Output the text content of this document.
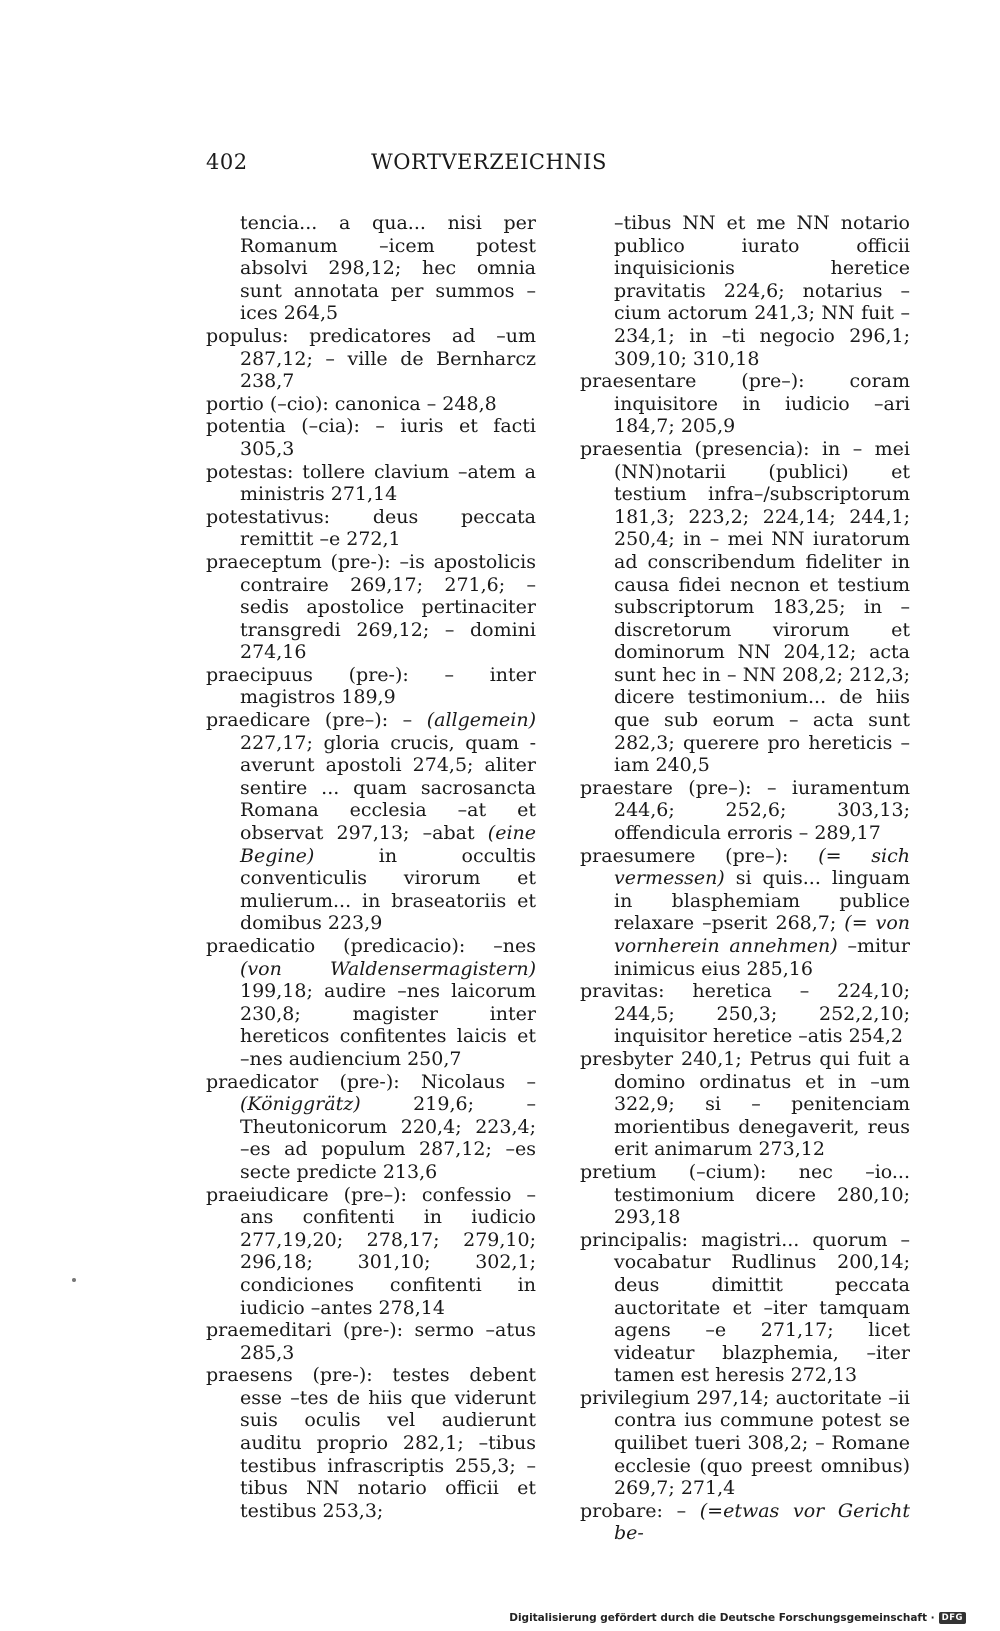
402	WORTVERZEICHNIS

tencia... a qua... nisi per Romanum –icem potest absolvi 298,12; hec omnia sunt annotata per summos –ices 264,5

populus: predicatores ad –um 287,12; – ville de Bernharcz 238,7

portio (–cio): canonica – 248,8

potentia (–cia): – iuris et facti 305,3

potestas: tollere clavium –atem a ministris 271,14

potestativus: deus peccata remittit –e 272,1

praeceptum (pre-): –is apostolicis contraire 269,17; 271,6; – sedis apostolice pertinaciter transgredi 269,12; – domini 274,16

praecipuus (pre-): – inter magistros 189,9

praedicare (pre–): – (allgemein) 227,17; gloria crucis, quam -averunt apostoli 274,5; aliter sentire ... quam sacrosancta Romana ecclesia –at et observat 297,13; –abat (eine Begine) in occultis conventiculis virorum et mulierum... in braseatoriis et domibus 223,9

praedicatio (predicacio): –nes (von Waldensermagistern) 199,18; audire –nes laicorum 230,8; magister inter hereticos confitentes laicis et –nes audiencium 250,7

praedicator (pre-): Nicolaus – (Königgrätz) 219,6; – Theutonicorum 220,4; 223,4; –es ad populum 287,12; –es secte predicte 213,6

praeiudicare (pre–): confessio –ans confitenti in iudicio 277,19,20; 278,17; 279,10; 296,18; 301,10; 302,1; condiciones confitenti in iudicio –antes 278,14

praemeditari (pre-): sermo –atus 285,3

praesens (pre-): testes debent esse –tes de hiis que viderunt suis oculis vel audierunt auditu proprio 282,1; –tibus testibus infrascriptis 255,3; –tibus NN notario officii et testibus 253,3;

–tibus NN et me NN notario publico iurato officii inquisicionis heretice pravitatis 224,6; notarius –cium actorum 241,3; NN fuit – 234,1; in –ti negocio 296,1; 309,10; 310,18

praesentare (pre–): coram inquisitore in iudicio –ari 184,7; 205,9

praesentia (presencia): in – mei (NN)notarii (publici) et testium infra–/subscriptorum 181,3; 223,2; 224,14; 244,1; 250,4; in – mei NN iuratorum ad conscribendum fideliter in causa fidei necnon et testium subscriptorum 183,25; in – discretorum virorum et dominorum NN 204,12; acta sunt hec in – NN 208,2; 212,3; dicere testimonium... de hiis que sub eorum – acta sunt 282,3; querere pro hereticis –iam 240,5

praestare (pre–): – iuramentum 244,6; 252,6; 303,13; offendicula erroris – 289,17

praesumere (pre–): (= sich vermessen) si quis... linguam in blasphemiam publice relaxare –pserit 268,7; (= von vornherein annehmen) –mitur inimicus eius 285,16

pravitas: heretica – 224,10; 244,5; 250,3; 252,2,10; inquisitor heretice –atis 254,2

presbyter 240,1; Petrus qui fuit a domino ordinatus et in –um 322,9; si – penitenciam morientibus denegaverit, reus erit animarum 273,12

pretium (–cium): nec –io... testimonium dicere 280,10; 293,18

principalis: magistri... quorum – vocabatur Rudlinus 200,14; deus dimittit peccata auctoritate et –iter tamquam agens –e 271,17; licet videatur blazphemia, –iter tamen est heresis 272,13

privilegium 297,14; auctoritate –ii contra ius commune potest se quilibet tueri 308,2; – Romane ecclesie (quo preest omnibus) 269,7; 271,4

probare: – (=etwas vor Gericht be-

Digitalisierung gefördert durch die Deutsche Forschungsgemeinschaft · DFG
